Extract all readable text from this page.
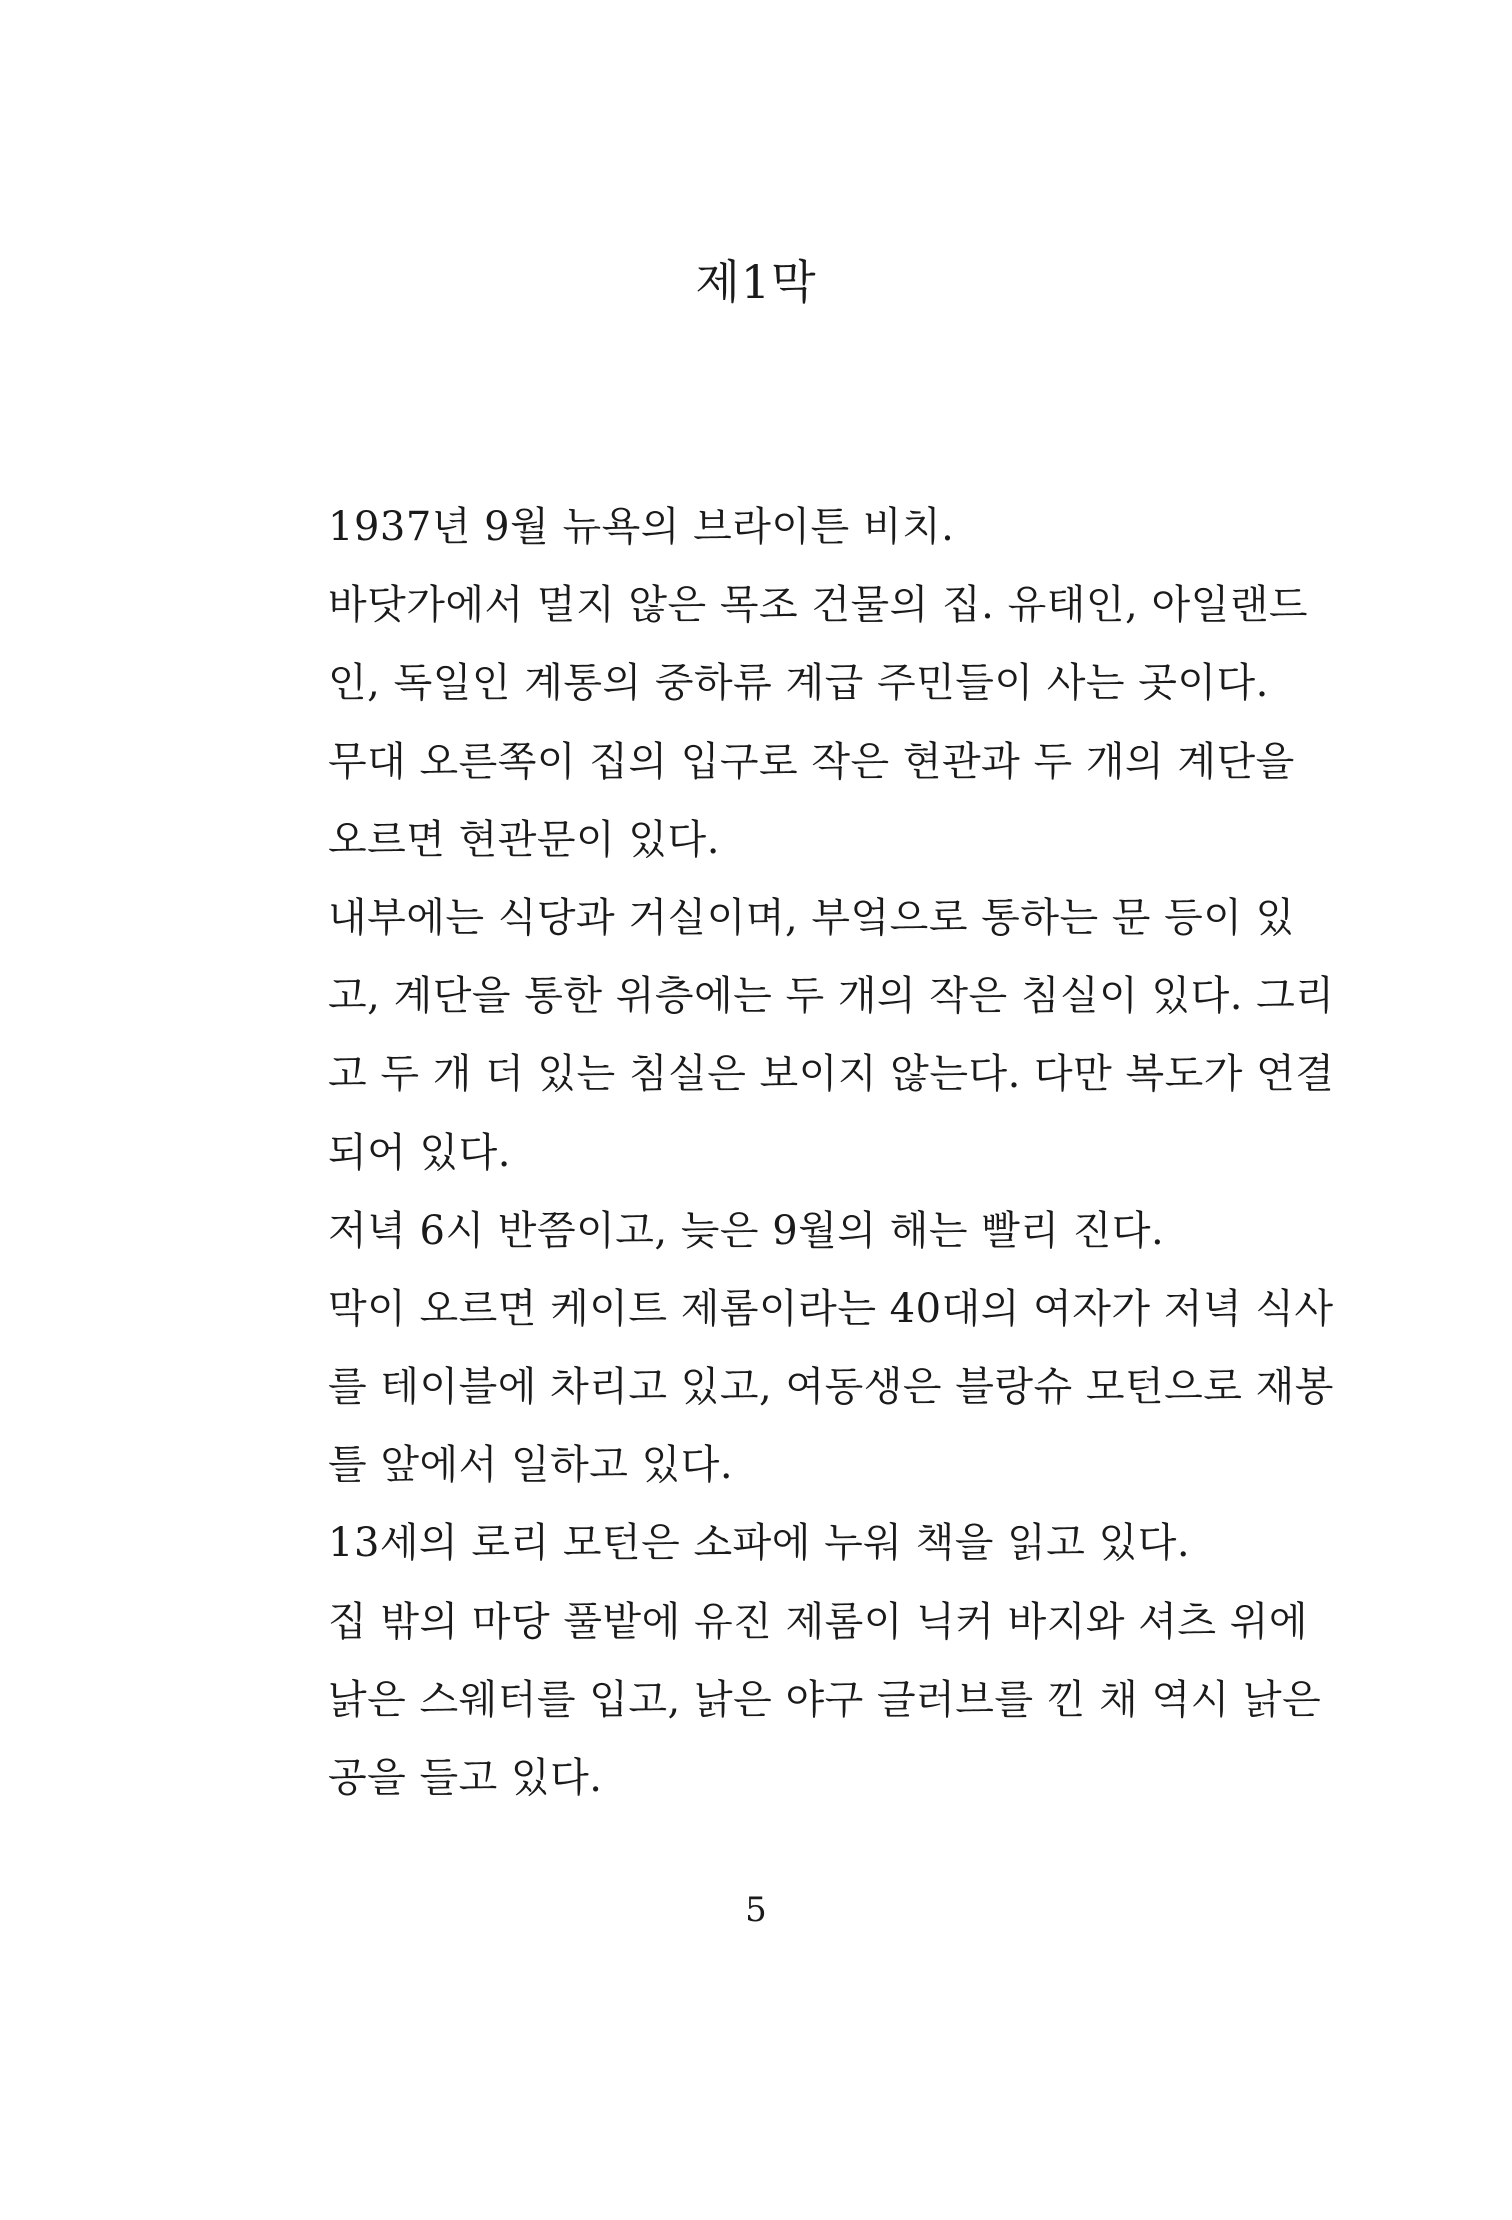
제1막

1937년 9월 뉴욕의 브라이튼 비치.

바닷가에서 멀지 않은 목조 건물의 집. 유태인, 아일랜드
인, 독일인 계통의 중하류 계급 주민들이 사는 곳이다.

무대 오른쪽이 집의 입구로 작은 현관과 두 개의 계단을
오르면 현관문이 있다.

내부에는 식당과 거실이며, 부엌으로 통하는 문 등이 있
고, 계단을 통한 위층에는 두 개의 작은 침실이 있다. 그리
고 두 개 더 있는 침실은 보이지 않는다. 다만 복도가 연결
되어 있다.

저녁 6시 반쯤이고, 늦은 9월의 해는 빨리 진다.

막이 오르면 케이트 제롬이라는 40대의 여자가 저녁 식사
를 테이블에 차리고 있고, 여동생은 블랑슈 모턴으로 재봉
틀 앞에서 일하고 있다.

13세의 로리 모턴은 소파에 누워 책을 읽고 있다.

집 밖의 마당 풀밭에 유진 제롬이 닉커 바지와 셔츠 위에
낡은 스웨터를 입고, 낡은 야구 글러브를 낀 채 역시 낡은
공을 들고 있다.

5
